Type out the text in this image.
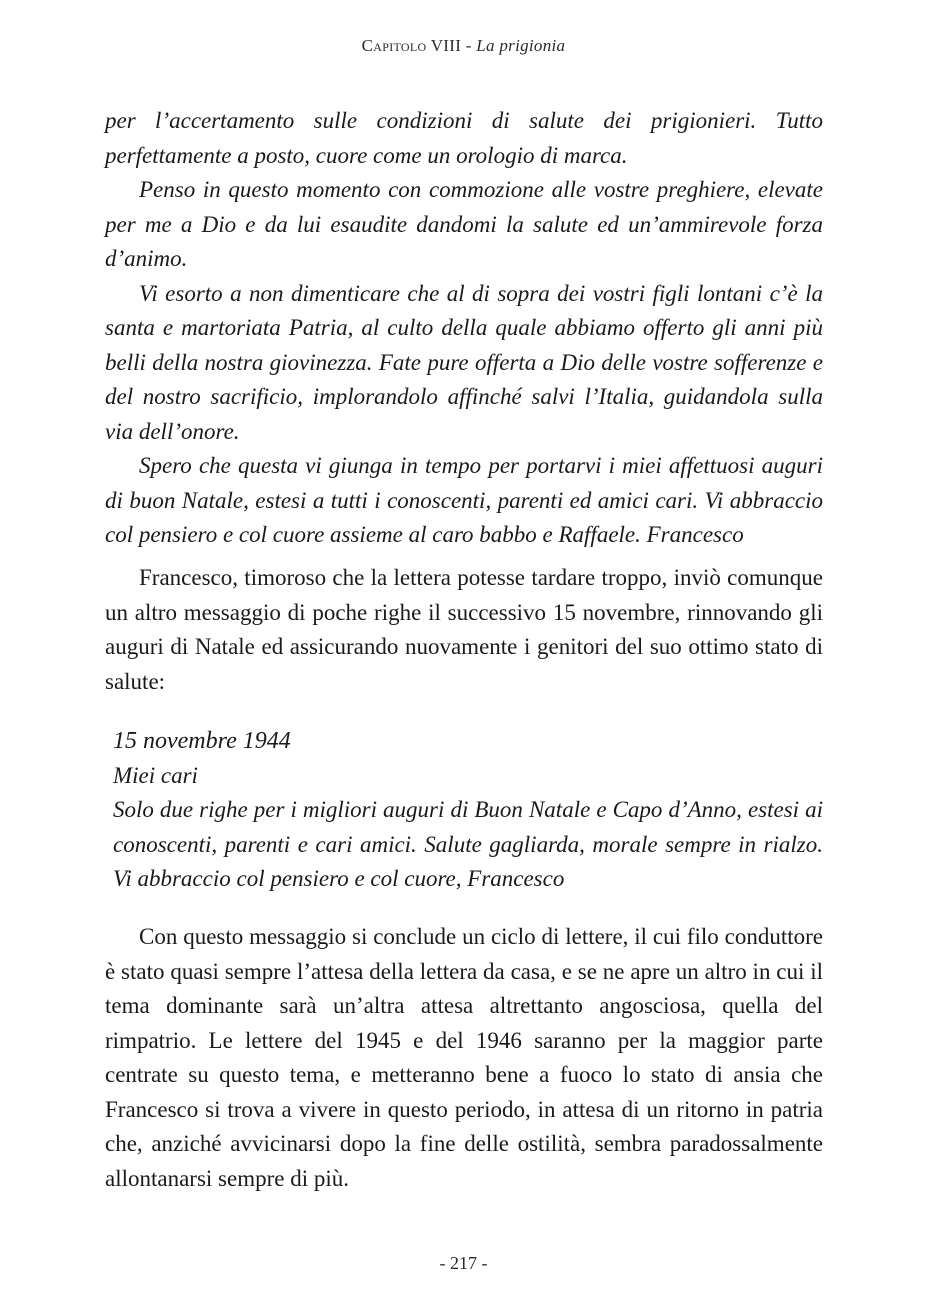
Capitolo VIII - La prigionia

per l’accertamento sulle condizioni di salute dei prigionieri. Tutto perfettamente a posto, cuore come un orologio di marca.

Penso in questo momento con commozione alle vostre preghiere, elevate per me a Dio e da lui esaudite dandomi la salute ed un’ammirevole forza d’animo.

Vi esorto a non dimenticare che al di sopra dei vostri figli lontani c’è la santa e martoriata Patria, al culto della quale abbiamo offerto gli anni più belli della nostra giovinezza. Fate pure offerta a Dio delle vostre sofferenze e del nostro sacrificio, implorandolo affinché salvi l’Italia, guidandola sulla via dell’onore.

Spero che questa vi giunga in tempo per portarvi i miei affettuosi auguri di buon Natale, estesi a tutti i conoscenti, parenti ed amici cari. Vi abbraccio col pensiero e col cuore assieme al caro babbo e Raffaele. Francesco

Francesco, timoroso che la lettera potesse tardare troppo, inviò comunque un altro messaggio di poche righe il successivo 15 novembre, rinnovando gli auguri di Natale ed assicurando nuovamente i genitori del suo ottimo stato di salute:

15 novembre 1944
Miei cari

Solo due righe per i migliori auguri di Buon Natale e Capo d’Anno, estesi ai conoscenti, parenti e cari amici. Salute gagliarda, morale sempre in rialzo. Vi abbraccio col pensiero e col cuore, Francesco

Con questo messaggio si conclude un ciclo di lettere, il cui filo conduttore è stato quasi sempre l’attesa della lettera da casa, e se ne apre un altro in cui il tema dominante sarà un’altra attesa altrettanto angosciosa, quella del rimpatrio. Le lettere del 1945 e del 1946 saranno per la maggior parte centrate su questo tema, e metteranno bene a fuoco lo stato di ansia che Francesco si trova a vivere in questo periodo, in attesa di un ritorno in patria che, anziché avvicinarsi dopo la fine delle ostilità, sembra paradossalmente allontanarsi sempre di più.

- 217 -
